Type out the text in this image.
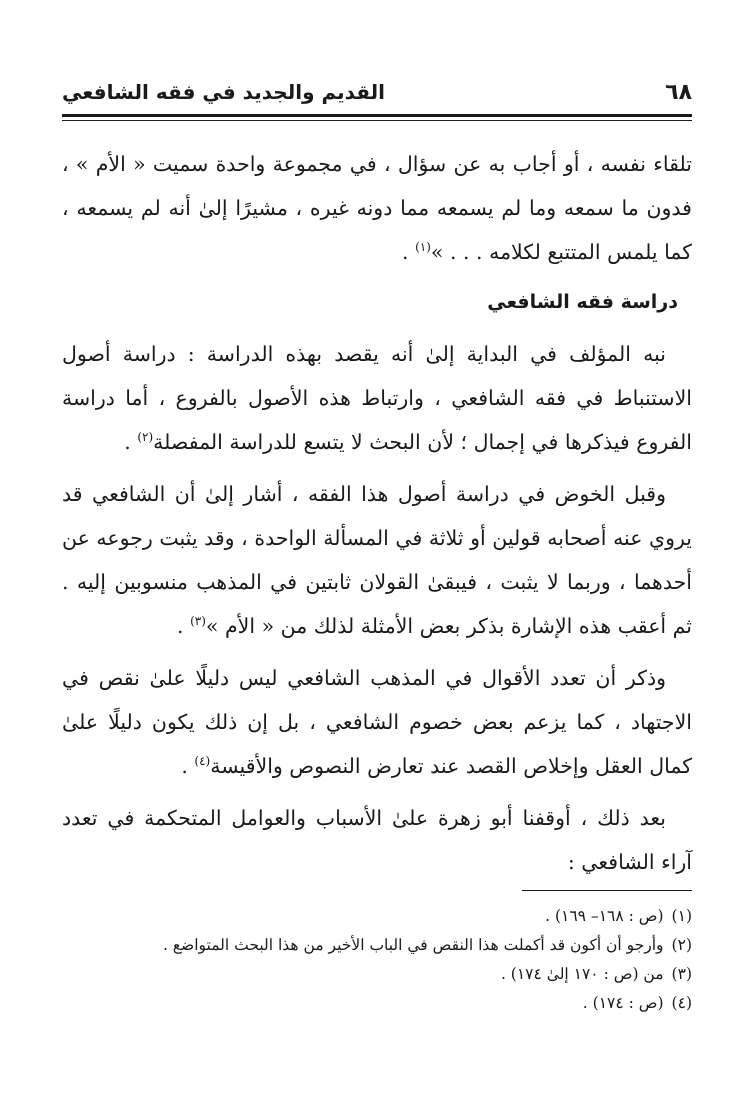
٦٨
القديم والجديد في فقه الشافعي

تلقاء نفسه ، أو أجاب به عن سؤال ، في مجموعة واحدة سميت « الأم » ، فدون ما سمعه وما لم يسمعه مما دونه غيره ، مشيرًا إلىٰ أنه لم يسمعه ، كما يلمس المتتبع لكلامه . . . »$^{(١)}$ .

دراسة فقه الشافعي

نبه المؤلف في البداية إلىٰ أنه يقصد بهذه الدراسة : دراسة أصول الاستنباط في فقه الشافعي ، وارتباط هذه الأصول بالفروع ، أما دراسة الفروع فيذكرها في إجمال ؛ لأن البحث لا يتسع للدراسة المفصلة$^{(٢)}$ .

وقبل الخوض في دراسة أصول هذا الفقه ، أشار إلىٰ أن الشافعي قد يروي عنه أصحابه قولين أو ثلاثة في المسألة الواحدة ، وقد يثبت رجوعه عن أحدهما ، وربما لا يثبت ، فيبقىٰ القولان ثابتين في المذهب منسوبين إليه . ثم أعقب هذه الإشارة بذكر بعض الأمثلة لذلك من « الأم »$^{(٣)}$ .

وذكر أن تعدد الأقوال في المذهب الشافعي ليس دليلًا علىٰ نقص في الاجتهاد ، كما يزعم بعض خصوم الشافعي ، بل إن ذلك يكون دليلًا علىٰ كمال العقل وإخلاص القصد عند تعارض النصوص والأقيسة$^{(٤)}$ .

بعد ذلك ، أوقفنا أبو زهرة علىٰ الأسباب والعوامل المتحكمة في تعدد آراء الشافعي :

(١)(ص : ١٦٨– ١٦٩) .

(٢)وأرجو أن أكون قد أكملت هذا النقص في الباب الأخير من هذا البحث المتواضع .

(٣)من (ص : ١٧٠ إلىٰ ١٧٤) .

(٤)(ص : ١٧٤) .
